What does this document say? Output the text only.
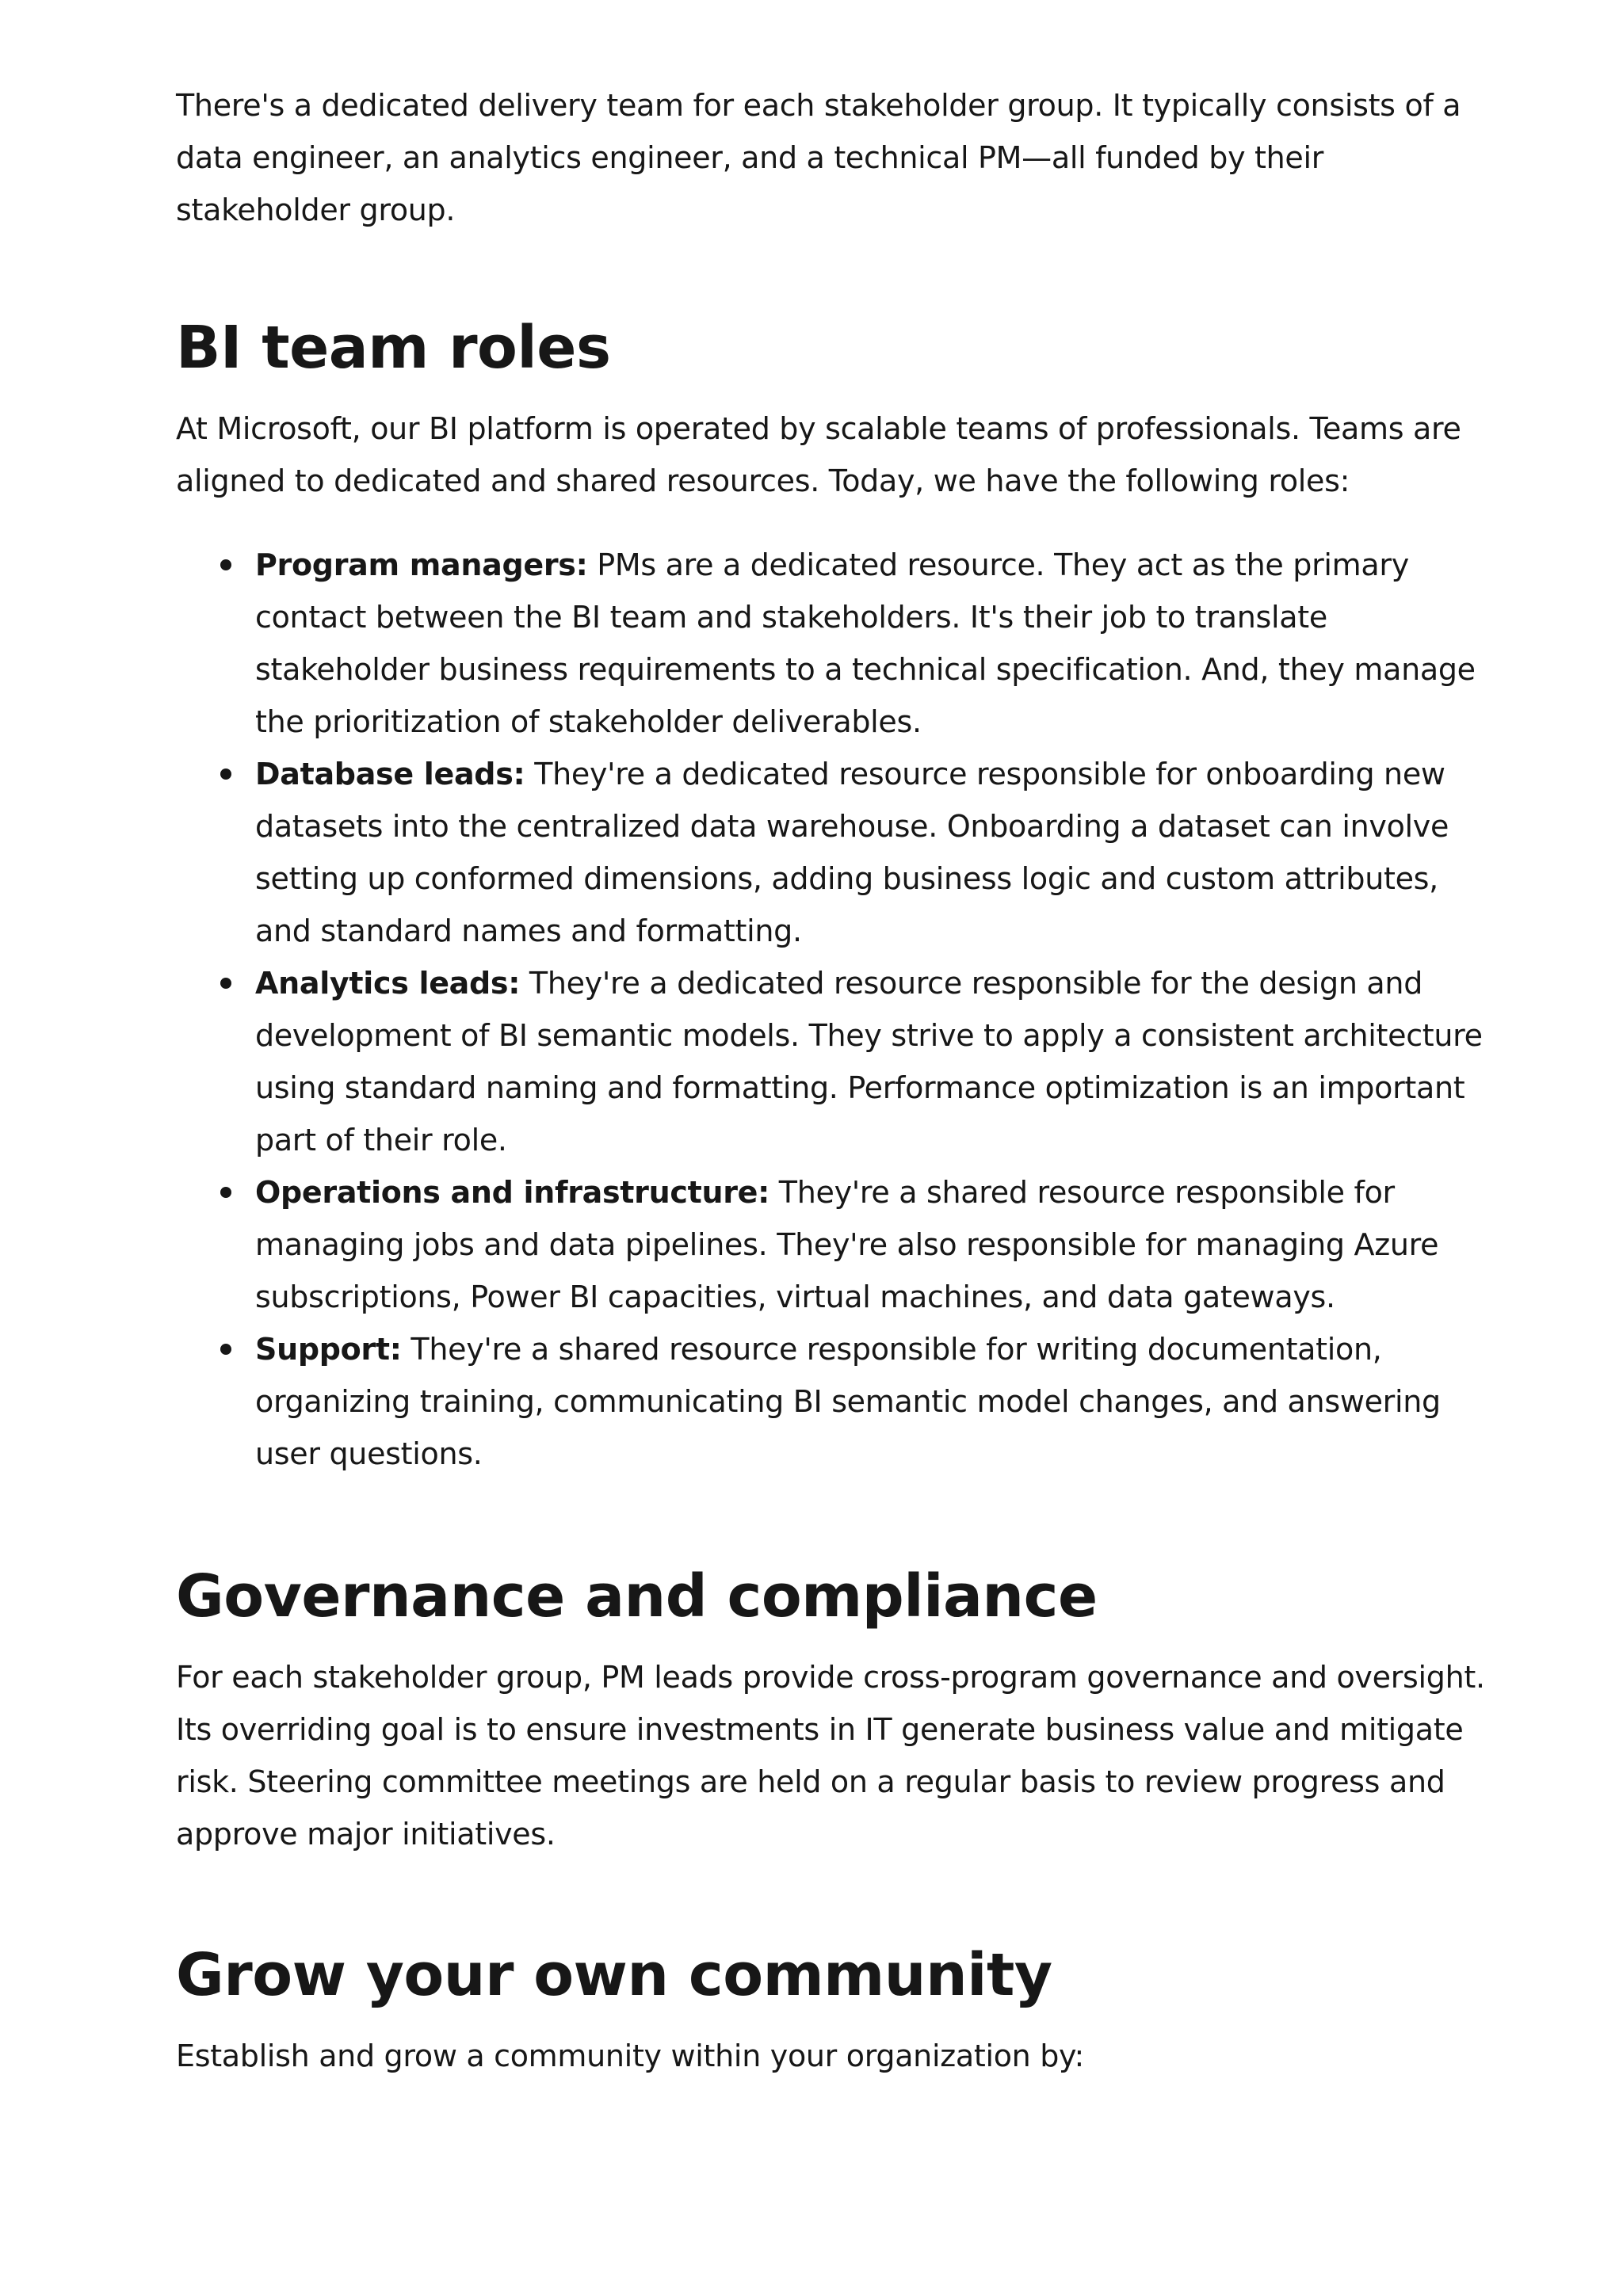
There's a dedicated delivery team for each stakeholder group. It typically consists of a data engineer, an analytics engineer, and a technical PM—all funded by their stakeholder group.

BI team roles

At Microsoft, our BI platform is operated by scalable teams of professionals. Teams are aligned to dedicated and shared resources. Today, we have the following roles:

Program managers: PMs are a dedicated resource. They act as the primary contact between the BI team and stakeholders. It's their job to translate stakeholder business requirements to a technical specification. And, they manage the prioritization of stakeholder deliverables.
Database leads: They're a dedicated resource responsible for onboarding new datasets into the centralized data warehouse. Onboarding a dataset can involve setting up conformed dimensions, adding business logic and custom attributes, and standard names and formatting.
Analytics leads: They're a dedicated resource responsible for the design and development of BI semantic models. They strive to apply a consistent architecture using standard naming and formatting. Performance optimization is an important part of their role.
Operations and infrastructure: They're a shared resource responsible for managing jobs and data pipelines. They're also responsible for managing Azure subscriptions, Power BI capacities, virtual machines, and data gateways.
Support: They're a shared resource responsible for writing documentation, organizing training, communicating BI semantic model changes, and answering user questions.
Governance and compliance

For each stakeholder group, PM leads provide cross-program governance and oversight. Its overriding goal is to ensure investments in IT generate business value and mitigate risk. Steering committee meetings are held on a regular basis to review progress and approve major initiatives.

Grow your own community

Establish and grow a community within your organization by:
